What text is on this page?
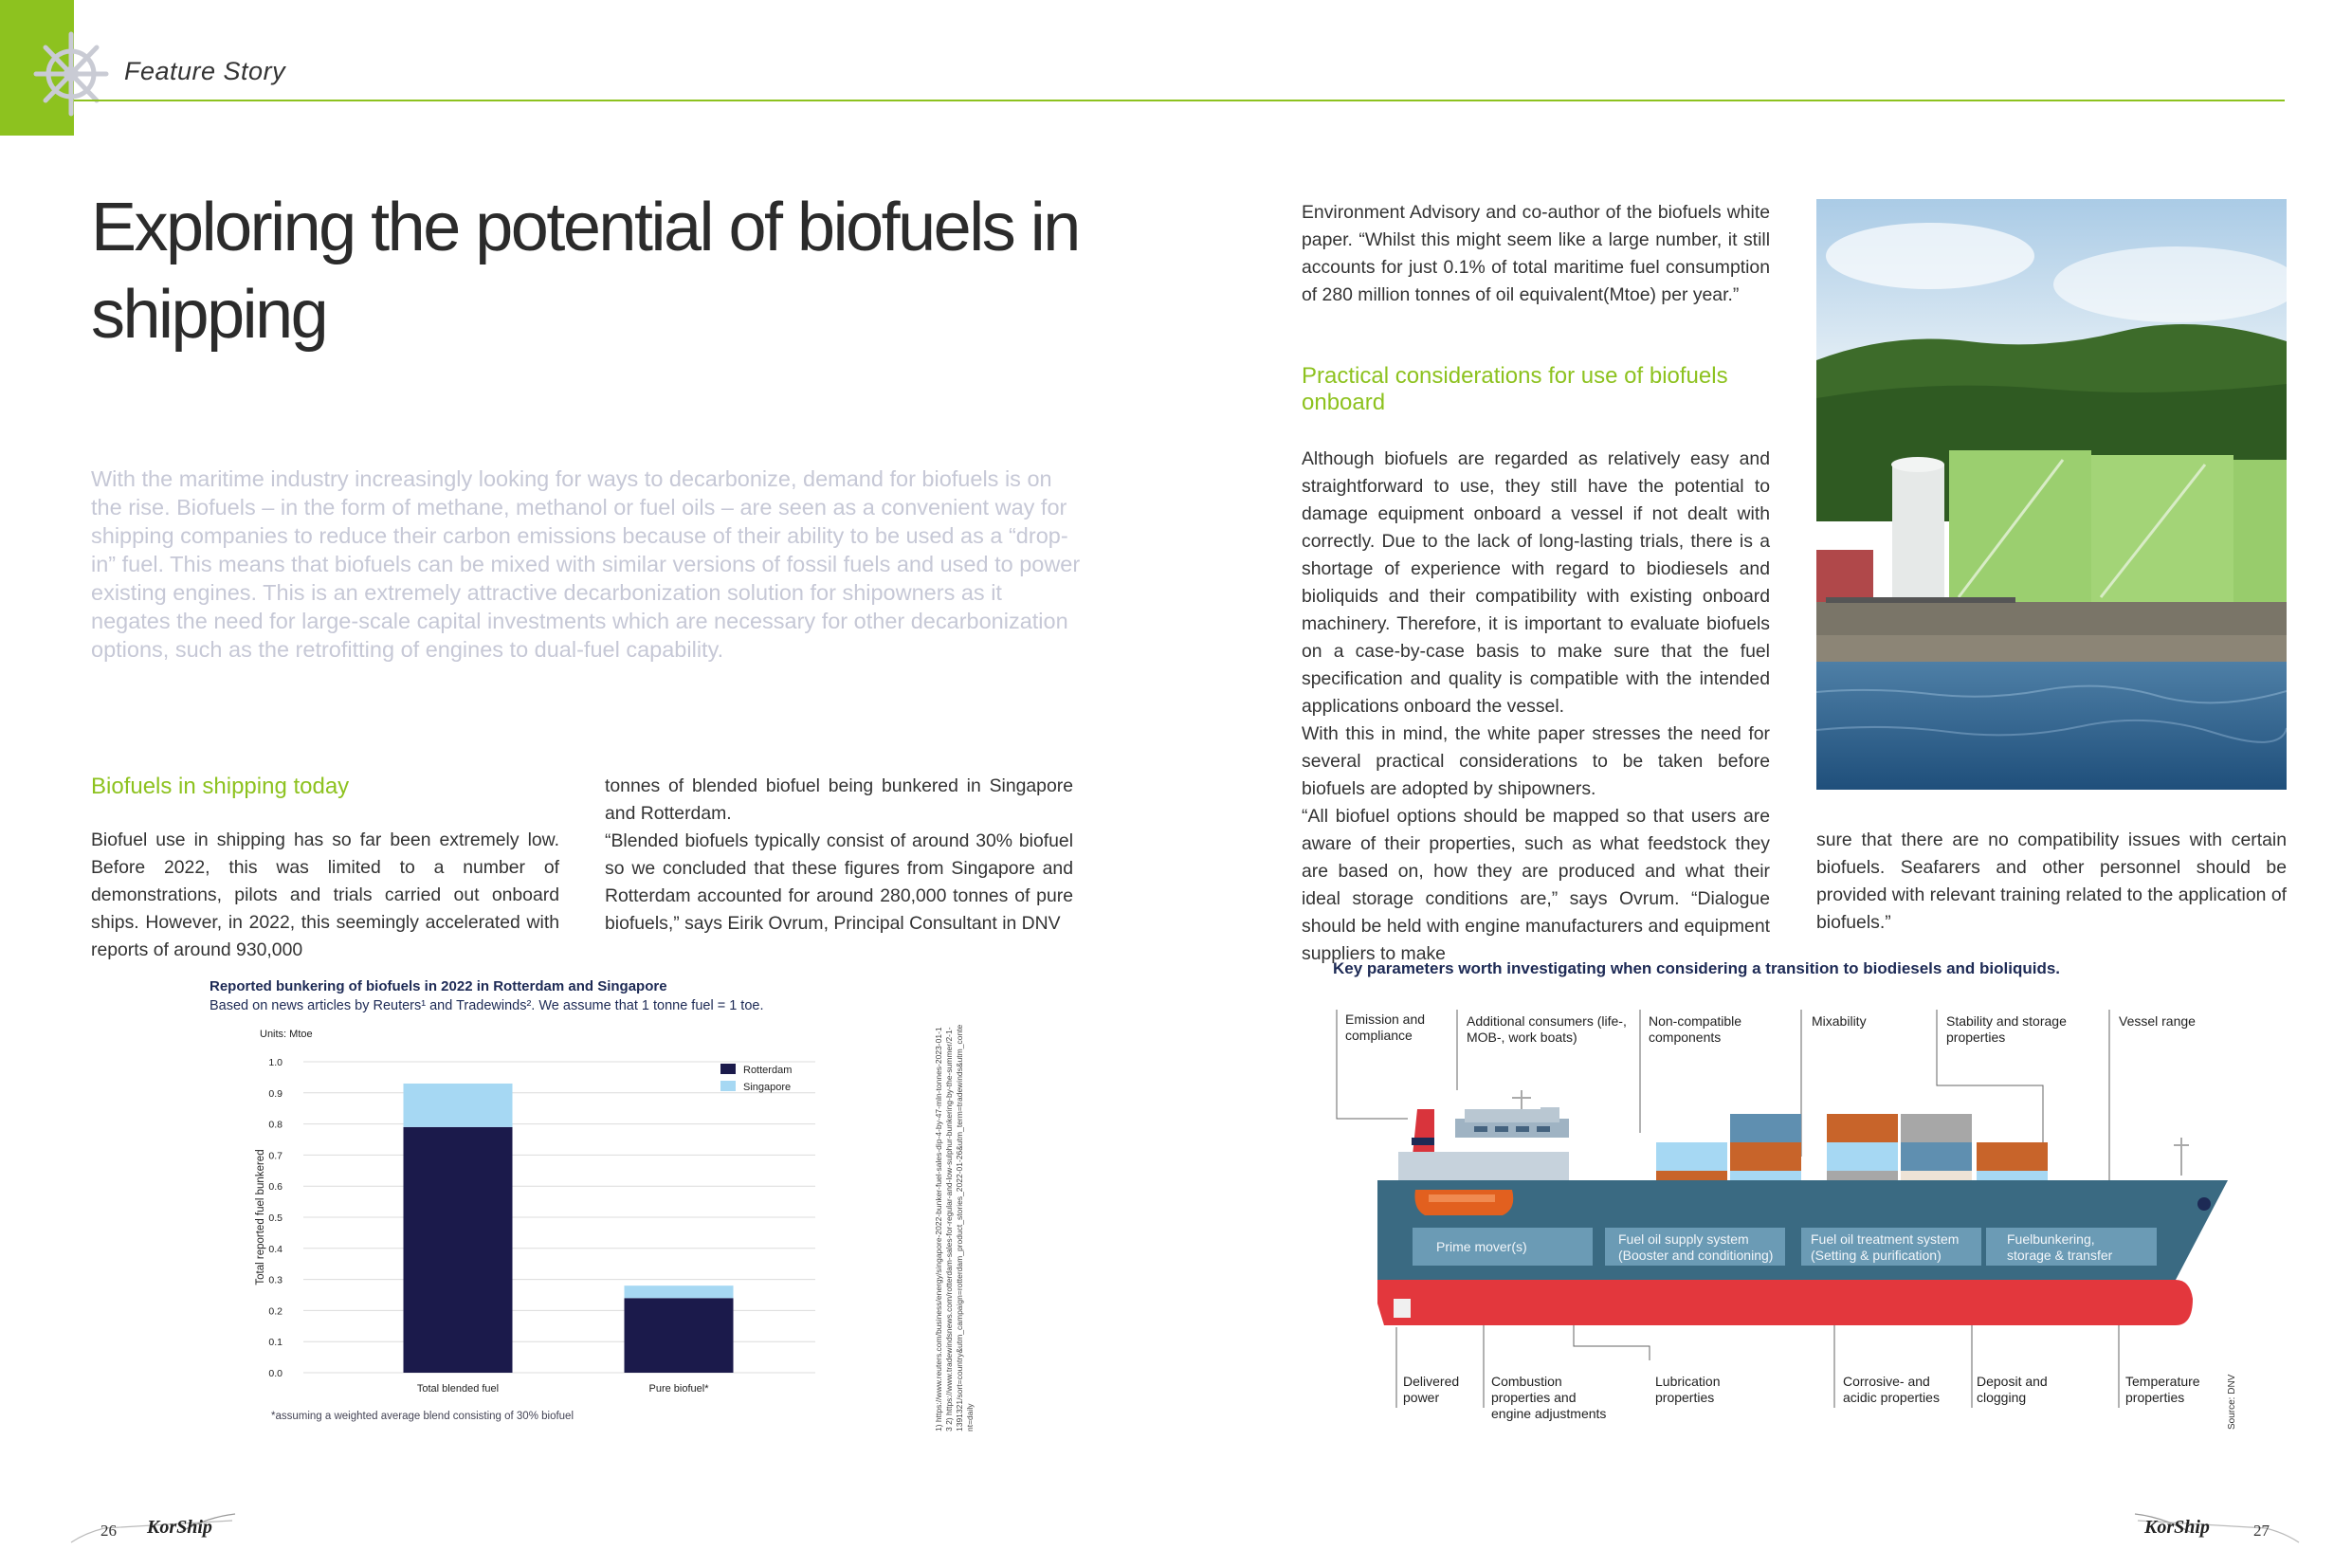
Feature Story
Exploring the potential of biofuels in
shipping
With the maritime industry increasingly looking for ways to decarbonize, demand for biofuels is on the rise. Biofuels – in the form of methane, methanol or fuel oils – are seen as a convenient way for shipping companies to reduce their carbon emissions because of their ability to be used as a “drop-in” fuel. This means that biofuels can be mixed with similar versions of fossil fuels and used to power existing engines. This is an extremely attractive decarbonization solution for shipowners as it negates the need for large-scale capital investments which are necessary for other decarbonization options, such as the retrofitting of engines to dual-fuel capability.
Biofuels in shipping today
Biofuel use in shipping has so far been extremely low. Before 2022, this was limited to a number of demonstrations, pilots and trials carried out onboard ships. However, in 2022, this seemingly accelerated with reports of around 930,000
tonnes of blended biofuel being bunkered in Singapore and Rotterdam.
“Blended biofuels typically consist of around 30% biofuel so we concluded that these figures from Singapore and Rotterdam accounted for around 280,000 tonnes of pure biofuels,” says Eirik Ovrum, Principal Consultant in DNV
Environment Advisory and co-author of the biofuels white paper. “Whilst this might seem like a large number, it still accounts for just 0.1% of total maritime fuel consumption of 280 million tonnes of oil equivalent(Mtoe) per year.”
Practical considerations for use of biofuels
onboard
Although biofuels are regarded as relatively easy and straightforward to use, they still have the potential to damage equipment onboard a vessel if not dealt with correctly. Due to the lack of long-lasting trials, there is a shortage of experience with regard to biodiesels and bioliquids and their compatibility with existing onboard machinery. Therefore, it is important to evaluate biofuels on a case-by-case basis to make sure that the fuel specification and quality is compatible with the intended applications onboard the vessel.
With this in mind, the white paper stresses the need for several practical considerations to be taken before biofuels are adopted by shipowners.
“All biofuel options should be mapped so that users are aware of their properties, such as what feedstock they are based on, how they are produced and what their ideal storage conditions are,” says Ovrum. “Dialogue should be held with engine manufacturers and equipment suppliers to make
sure that there are no compatibility issues with certain biofuels. Seafarers and other personnel should be provided with relevant training related to the application of biofuels.”
Reported bunkering of biofuels in 2022 in Rotterdam and Singapore
Based on news articles by Reuters¹ and Tradewinds². We assume that 1 tonne fuel = 1 toe.
Units: Mtoe
0.0
0.1
0.2
0.3
0.4
0.5
0.6
0.7
0.8
0.9
1.0
Total reported fuel bunkered
Total blended fuel	Pure biofuel*
Rotterdam
Singapore
*assuming a weighted average blend consisting of 30% biofuel	1) https://www.reuters.com/business/energy/singapore-2022-bunker-fuel-sales-dip-4-by-47-mln-tonnes-2023-01-13 2) https://www.tradewindsnews.com/rotterdam-sales-for-regular-and-low-sulphur-bunkering-by-the-summer/2-1-1391321/sort=country&utm_campaign=rotterdam_product_stories_2022-01-26&utm_term=tradewinds&utm_content=daily
Key parameters worth investigating when considering a transition to biodiesels and bioliquids.
Prime mover(s)	Fuel oil supply system
(Booster and conditioning)
Fuel oil treatment system
(Setting & purification)
Fuelbunkering,
storage & transfer
Emission and compliance
Additional consumers (life-, MOB-, work boats)
Non-compatible components
Mixability	Stability and storage properties
Vessel range
Delivered power
Combustion properties and engine adjustments
Lubrication properties
Corrosive- and acidic properties
Deposit and clogging
Temperature properties	Source: DNV
26 KorShip	KorShip	27
